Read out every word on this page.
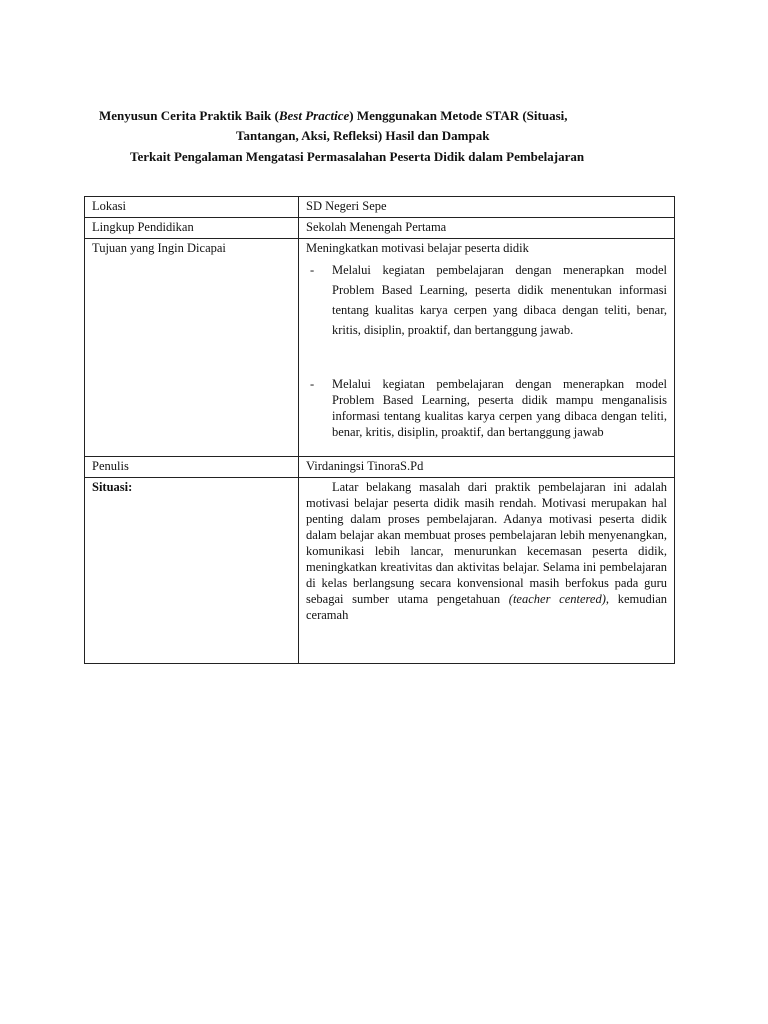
Menyusun Cerita Praktik Baik (Best Practice) Menggunakan Metode STAR (Situasi,
Tantangan, Aksi, Refleksi) Hasil dan Dampak
Terkait Pengalaman Mengatasi Permasalahan Peserta Didik dalam Pembelajaran
Lokasi	SD Negeri Sepe
Lingkup Pendidikan	Sekolah Menengah Pertama
Tujuan yang Ingin Dicapai	Meningkatkan motivasi belajar peserta didik
- Melalui kegiatan pembelajaran dengan menerapkan model Problem Based Learning, peserta didik menentukan informasi tentang kualitas karya cerpen yang dibaca dengan teliti, benar, kritis, disiplin, proaktif, dan bertanggung jawab.
- Melalui kegiatan pembelajaran dengan menerapkan model Problem Based Learning, peserta didik mampu menganalisis informasi tentang kualitas karya cerpen yang dibaca dengan teliti, benar, kritis, disiplin, proaktif, dan bertanggung jawab

Penulis	Virdaningsi TinoraS.Pd
Situasi:	Latar belakang masalah dari praktik pembelajaran ini adalah motivasi belajar peserta didik masih rendah. Motivasi merupakan hal penting dalam proses pembelajaran. Adanya motivasi peserta didik dalam belajar akan membuat proses pembelajaran lebih menyenangkan, komunikasi lebih lancar, menurunkan kecemasan peserta didik, meningkatkan kreativitas dan aktivitas belajar. Selama ini pembelajaran di kelas berlangsung secara konvensional masih berfokus pada guru sebagai sumber utama pengetahuan (teacher centered), kemudian ceramah
